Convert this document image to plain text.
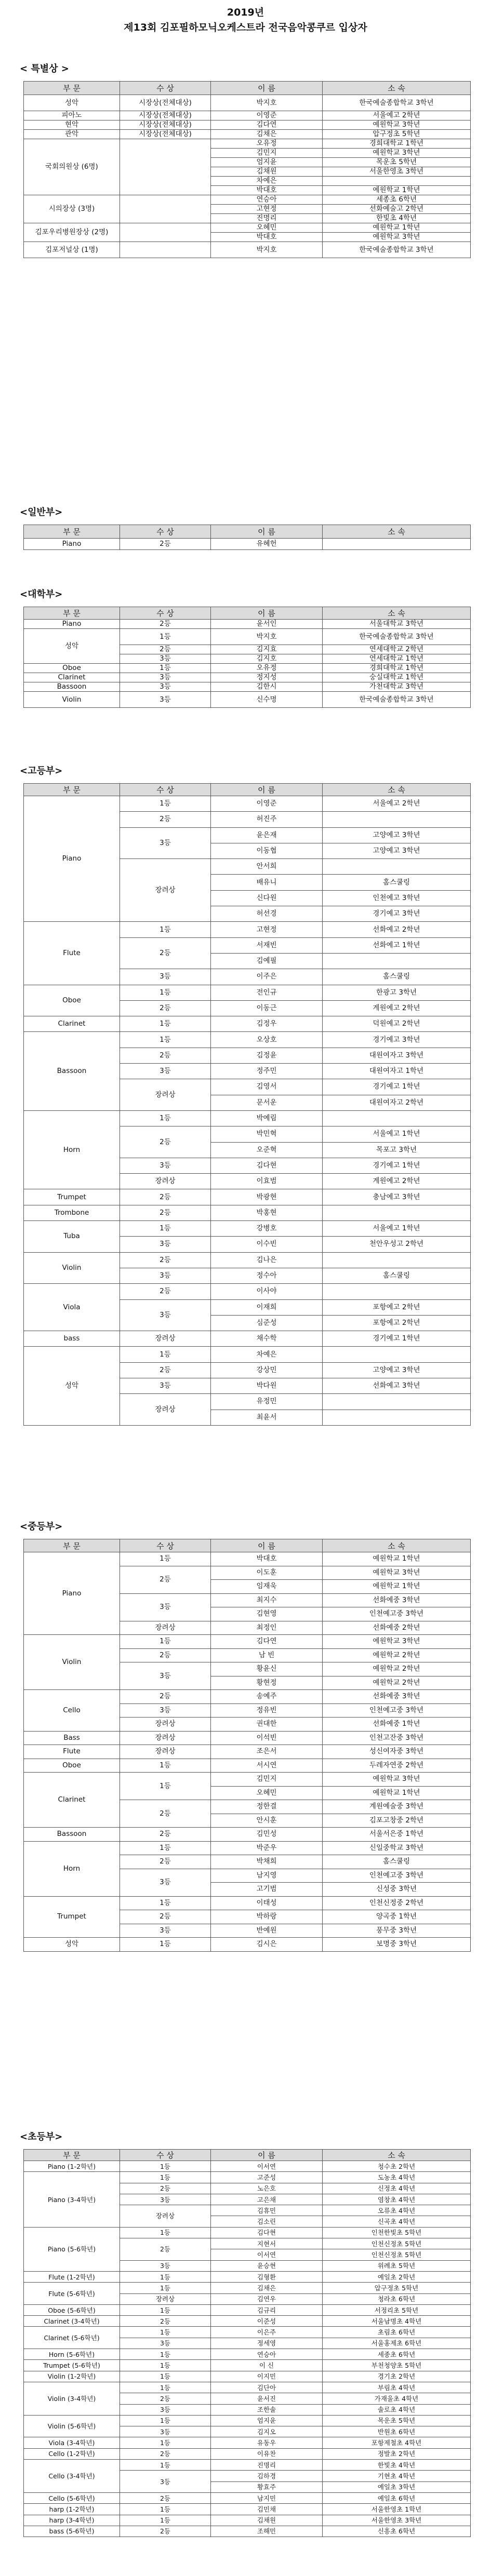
2019년
제13회 김포필하모닉오케스트라 전국음악콩쿠르 입상자
< 특별상 >
부 문	수 상	이 름	소 속
성악	시장상(전체대상)	박지호	한국예술종합학교 3학년
피아노	시장상(전체대상)	이영준	서울예고 2학년
현악	시장상(전체대상)	김다연	예원학교 3학년
관악	시장상(전체대상)	김채은	압구정초 5학년
국회의원상 (6명)		오유정	경희대학교 1학년
		김민지	예원학교 3학년
		엄지윤	목운초 5학년
		김채원	서울한영초 3학년
		차예은	
		박대호	예원학교 1학년
시의장상 (3명)		연승아	세종초 6학년
		고현정	선화예술고 2학년
		진명리	한빛초 4학년
김포우리병원장상 (2명)		오혜민	예원학교 1학년
		박대호	예원학교 3학년
김포저널상 (1명)		박지호	한국예술종합학교 3학년
<일반부>
부 문	수 상	이 름	소 속
Piano	2등	유혜헌	
<대학부>
부 문	수 상	이 름	소 속
Piano	2등	윤서인	서울대학교 3학년
성악	1등	박지호	한국예술종합학교 3학년
	2등	김지효	연세대학교 2학년
	3등	김지호	연세대학교 1학년
Oboe	1등	오유정	경희대학교 1학년
Clarinet	3등	정지성	숭실대학교 1학년
Bassoon	3등	김한시	가천대학교 3학년
Violin	3등	신수명	한국예술종합학교 3학년
<고등부>
부 문	수 상	이 름	소 속
Piano	1등	이영준	서울예고 2학년
	2등	허진주	
	3등	윤은재	고양예고 3학년
		이동협	고양예고 3학년
	장려상	안서희	
		배유니	홈스쿨링
		신다원	인천예고 3학년
		허선경	경기예고 3학년
Flute	1등	고현정	선화예고 2학년
	2등	서재빈	선화예고 1학년
		김예필	
	3등	이주은	홈스쿨링
Oboe	1등	전인규	한광고 3학년
	2등	이동근	계원예고 2학년
Clarinet	1등	김정우	덕원예고 2학년
Bassoon	1등	오상호	경기예고 3학년
	2등	김정윤	대원여자고 3학년
	3등	정주민	대원여자고 1학년
	장려상	김영서	경기예고 1학년
		문서운	대원여자고 2학년
Horn	1등	박예림	
	2등	박민혁	서울예고 1학년
		오준혁	목포고 3학년
	3등	김다현	경기예고 1학년
	장려상	이효범	계원예고 2학년
Trumpet	2등	박광현	충남예고 3학년
Trombone	2등	박홍현	
Tuba	1등	강병호	서울예고 1학년
	3등	이수빈	천안우성고 2학년
Violin	2등	김나은	
	3등	정수아	홈스쿨링
Viola	2등	이사야	
	3등	이재희	포항예고 2학년
		심준성	포항예고 2학년
bass	장려상	채수학	경기예고 1학년
성악	1등	차예은	
	2등	강상민	고양예고 3학년
	3등	박다원	선화예고 3학년
	장려상	유정민	
		최윤서	
<중등부>
부 문	수 상	이 름	소 속
Piano	1등	박대호	예원학교 1학년
	2등	이도훈	예원학교 3학년
		임재욱	예원학교 1학년
	3등	최지수	선화예중 3학년
		김현영	인천예고중 3학년
	장려상	최정인	선화예중 2학년
Violin	1등	김다연	예원학교 3학년
	2등	남 빈	예원학교 2학년
	3등	황윤신	예원학교 2학년
		황현정	예원학교 2학년
Cello	2등	송예주	선화예중 3학년
	3등	정유빈	인천예고중 3학년
	장려상	권대한	선화예중 1학년
Bass	장려상	이석빈	인천고잔중 3학년
Flute	장려상	조은서	성신여자중 3학년
Oboe	1등	서시연	두레자연중 2학년
Clarinet	1등	김민지	예원학교 3학년
		오혜민	예원학교 1학년
	2등	정한결	계원예술중 3학년
		안시훈	김포고창중 2학년
Bassoon	2등	김민성	서울서은중 1학년
Horn	1등	박준우	신일중학교 3학년
	2등	박채희	홈스쿨링
	3등	남지영	인천예고중 3학년
		고기범	신성중 3학년
Trumpet	1등	이태성	인천신정중 2학년
	2등	박하랑	양곡중 1학년
	3등	반예원	풍무중 3학년
성악	1등	김시은	보명중 3학년
<초등부>
부 문	수 상	이 름	소 속
Piano (1-2학년)	1등	이서연	청수초 2학년
Piano (3-4학년)	1등	고준성	도농초 4학년
	2등	노은호	신정초 4학년
	3등	고은채	염창초 4학년
	장려상	김휴민	오류초 4학년
		김소린	신곡초 4학년
Piano (5-6학년)	1등	김다현	인천한빛초 5학년
	2등	지현서	인천신정초 5학년
		이서연	인천신정초 5학년
	3등	윤승현	위례초 5학년
Flute (1-2학년)	1등	김형환	예일초 2학년
Flute (5-6학년)	1등	김채은	압구정초 5학년
	장려상	김연우	청라초 6학년
Oboe (5-6학년)	1등	김규리	서정리초 5학년
Clarinet (3-4학년)	2등	이준성	서울남명초 4학년
Clarinet (5-6학년)	1등	이은주	초림초 6학년
	3등	정세영	서울홍제초 6학년
Horn (5-6학년)	1등	연승아	세종초 6학년
Trumpet (5-6학년)	1등	이 신	부천청양초 5학년
Violin (1-2학년)	1등	이지민	경기초 2학년
Violin (3-4학년)	1등	김단아	부림초 4학년
	2등	윤서진	가재울초 4학년
	3등	조한솔	솔로초 4학년
Violin (5-6학년)	1등	엄지윤	목운초 5학년
	3등	김지오	반원초 6학년
Viola (3-4학년)	1등	유동우	포항제철초 4학년
Cello (1-2학년)	2등	이유찬	정발초 2학년
Cello (3-4학년)	1등	진명리	한빛초 4학년
	3등	김하경	기현초 4학년
		황효주	예일초 3학년
Cello (5-6학년)	2등	남지민	예일초 6학년
harp (1-2학년)	1등	김민채	서울한영초 1학년
harp (3-4학년)	1등	김채원	서울한영초 3학년
bass (5-6학년)	2등	조해민	신흥초 6학년
